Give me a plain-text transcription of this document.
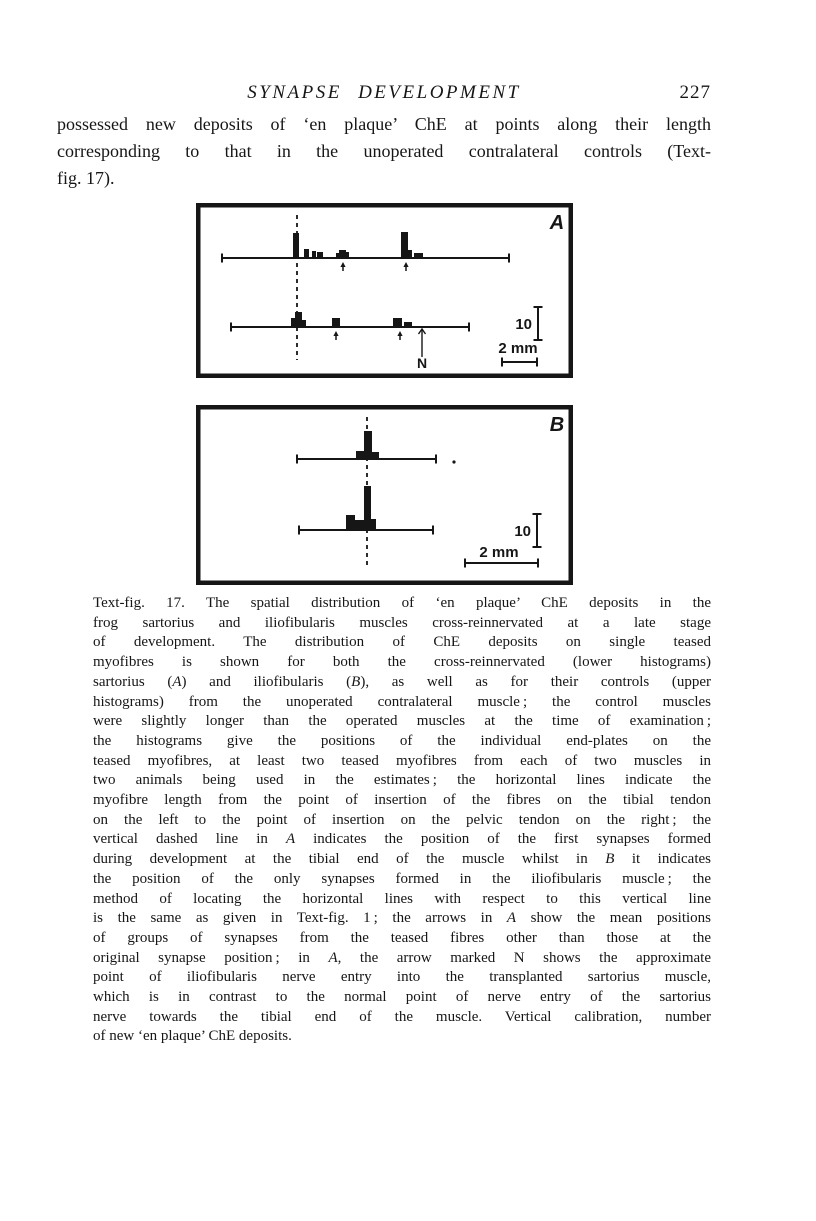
SYNAPSE DEVELOPMENT	227
possessed new deposits of ‘en plaque’ ChE at points along their length
corresponding to that in the unoperated contralateral controls (Text-
fig. 17).
A
N
10
2 mm
B
10
2 mm
Text-fig. 17. The spatial distribution of ‘en plaque’ ChE deposits in the
frog sartorius and iliofibularis muscles cross-reinnervated at a late stage
of development. The distribution of ChE deposits on single teased
myofibres is shown for both the cross-reinnervated (lower histograms)
sartorius (A) and iliofibularis (B), as well as for their controls (upper
histograms) from the unoperated contralateral muscle ; the control muscles
were slightly longer than the operated muscles at the time of examination ;
the histograms give the positions of the individual end-plates on the
teased myofibres, at least two teased myofibres from each of two muscles in
two animals being used in the estimates ; the horizontal lines indicate the
myofibre length from the point of insertion of the fibres on the tibial tendon
on the left to the point of insertion on the pelvic tendon on the right ; the
vertical dashed line in A indicates the position of the first synapses formed
during development at the tibial end of the muscle whilst in B it indicates
the position of the only synapses formed in the iliofibularis muscle ; the
method of locating the horizontal lines with respect to this vertical line
is the same as given in Text-fig. 1 ; the arrows in A show the mean positions
of groups of synapses from the teased fibres other than those at the
original synapse position ; in A, the arrow marked N shows the approximate
point of iliofibularis nerve entry into the transplanted sartorius muscle,
which is in contrast to the normal point of nerve entry of the sartorius
nerve towards the tibial end of the muscle. Vertical calibration, number
of new ‘en plaque’ ChE deposits.
